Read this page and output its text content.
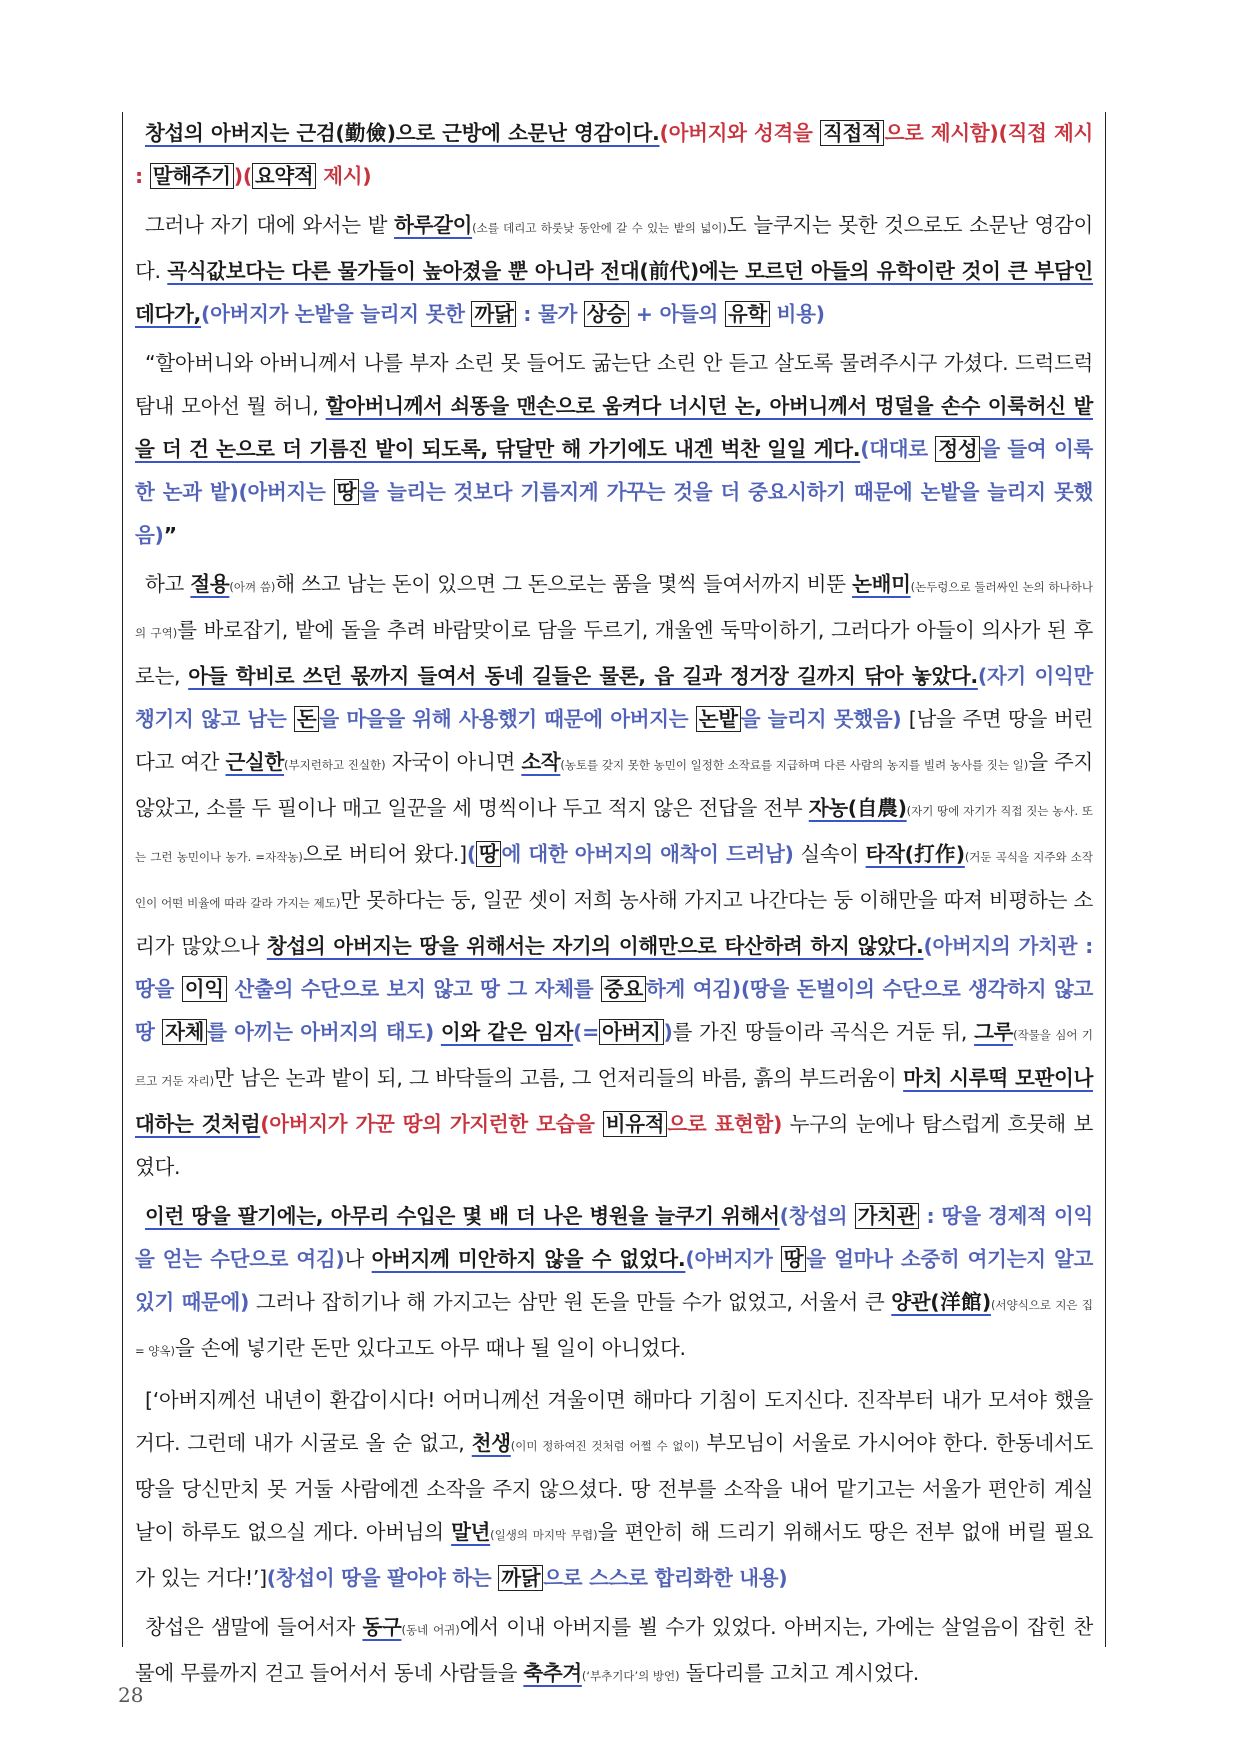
창섭의 아버지는 근검(勤儉)으로 근방에 소문난 영감이다.(아버지와 성격을 직접적 으로 제시함)(직접 제시 : 말해주기 )( 요약적 제시)

그러나 자기 대에 와서는 밭 하루갈이(소를 데리고 하룻낮 동안에 갈 수 있는 밭의 넓이)도 늘쿠지는 못한 것으로도 소문난 영감이다. 곡식값보다는 다른 물가들이 높아졌을 뿐 아니라 전대(前代)에는 모르던 아들의 유학이란 것이 큰 부담인 데다가,(아버지가 논밭을 늘리지 못한 까닭 : 물가 상승 + 아들의 유학 비용)

“할아버니와 아버니께서 나를 부자 소린 못 들어도 굶는단 소린 안 듣고 살도록 물려주시구 가셨다. 드럭드럭 탐내 모아선 뭘 허니, 할아버니께서 쇠똥을 맨손으로 움켜다 너시던 논, 아버니께서 멍덜을 손수 이룩허신 밭을 더 건 논으로 더 기름진 밭이 되도록, 닦달만 해 가기에도 내겐 벅찬 일일 게다.(대대로 정성 을 들여 이룩한 논과 밭)(아버지는 땅 을 늘리는 것보다 기름지게 가꾸는 것을 더 중요시하기 때문에 논밭을 늘리지 못했음)”

하고 절용(아껴 씀)해 쓰고 남는 돈이 있으면 그 돈으로는 품을 몇씩 들여서까지 비뚠 논배미(논두렁으로 둘러싸인 논의 하나하나의 구역)를 바로잡기, 밭에 돌을 추려 바람맞이로 담을 두르기, 개울엔 둑막이하기, 그러다가 아들이 의사가 된 후로는, 아들 학비로 쓰던 몫까지 들여서 동네 길들은 물론, 읍 길과 정거장 길까지 닦아 놓았다.(자기 이익만 챙기지 않고 남는 돈 을 마을을 위해 사용했기 때문에 아버지는 논밭 을 늘리지 못했음) [남을 주면 땅을 버린다고 여간 근실한(부지런하고 진실한) 자국이 아니면 소작(농토를 갖지 못한 농민이 일정한 소작료를 지급하며 다른 사람의 농지를 빌려 농사를 짓는 일)을 주지 않았고, 소를 두 필이나 매고 일꾼을 세 명씩이나 두고 적지 않은 전답을 전부 자농(自農)(자기 땅에 자기가 직접 짓는 농사. 또는 그런 농민이나 농가. =자작농)으로 버티어 왔다.]( 땅 에 대한 아버지의 애착이 드러남) 실속이 타작(打作)(거둔 곡식을 지주와 소작인이 어떤 비율에 따라 갈라 가지는 제도)만 못하다는 둥, 일꾼 셋이 저희 농사해 가지고 나간다는 둥 이해만을 따져 비평하는 소리가 많았으나 창섭의 아버지는 땅을 위해서는 자기의 이해만으로 타산하려 하지 않았다.(아버지의 가치관 : 땅을 이익 산출의 수단으로 보지 않고 땅 그 자체를 중요 하게 여김)(땅을 돈벌이의 수단으로 생각하지 않고 땅 자체 를 아끼는 아버지의 태도) 이와 같은 임자(= 아버지 )를 가진 땅들이라 곡식은 거둔 뒤, 그루(작물을 심어 기르고 거둔 자리)만 남은 논과 밭이 되, 그 바닥들의 고름, 그 언저리들의 바름, 흙의 부드러움이 마치 시루떡 모판이나 대하는 것처럼(아버지가 가꾼 땅의 가지런한 모습을 비유적 으로 표현함) 누구의 눈에나 탐스럽게 흐뭇해 보였다.

이런 땅을 팔기에는, 아무리 수입은 몇 배 더 나은 병원을 늘쿠기 위해서(창섭의 가치관 : 땅을 경제적 이익을 얻는 수단으로 여김)나 아버지께 미안하지 않을 수 없었다.(아버지가 땅 을 얼마나 소중히 여기는지 알고 있기 때문에) 그러나 잡히기나 해 가지고는 삼만 원 돈을 만들 수가 없었고, 서울서 큰 양관(洋館)(서양식으로 지은 집 = 양옥)을 손에 넣기란 돈만 있다고도 아무 때나 될 일이 아니었다.

[‘아버지께선 내년이 환갑이시다! 어머니께선 겨울이면 해마다 기침이 도지신다. 진작부터 내가 모셔야 했을 거다. 그런데 내가 시굴로 올 순 없고, 천생(이미 정하여진 것처럼 어쩔 수 없이) 부모님이 서울로 가시어야 한다. 한동네서도 땅을 당신만치 못 거둘 사람에겐 소작을 주지 않으셨다. 땅 전부를 소작을 내어 맡기고는 서울가 편안히 계실 날이 하루도 없으실 게다. 아버님의 말년(일생의 마지막 무렵)을 편안히 해 드리기 위해서도 땅은 전부 없애 버릴 필요가 있는 거다!’](창섭이 땅을 팔아야 하는 까닭 으로 스스로 합리화한 내용)

창섭은 샘말에 들어서자 동구(동네 어귀)에서 이내 아버지를 뵐 수가 있었다. 아버지는, 가에는 살얼음이 잡힌 찬물에 무릎까지 걷고 들어서서 동네 사람들을 축추겨(‘부추기다’의 방언) 돌다리를 고치고 계시었다.

28
